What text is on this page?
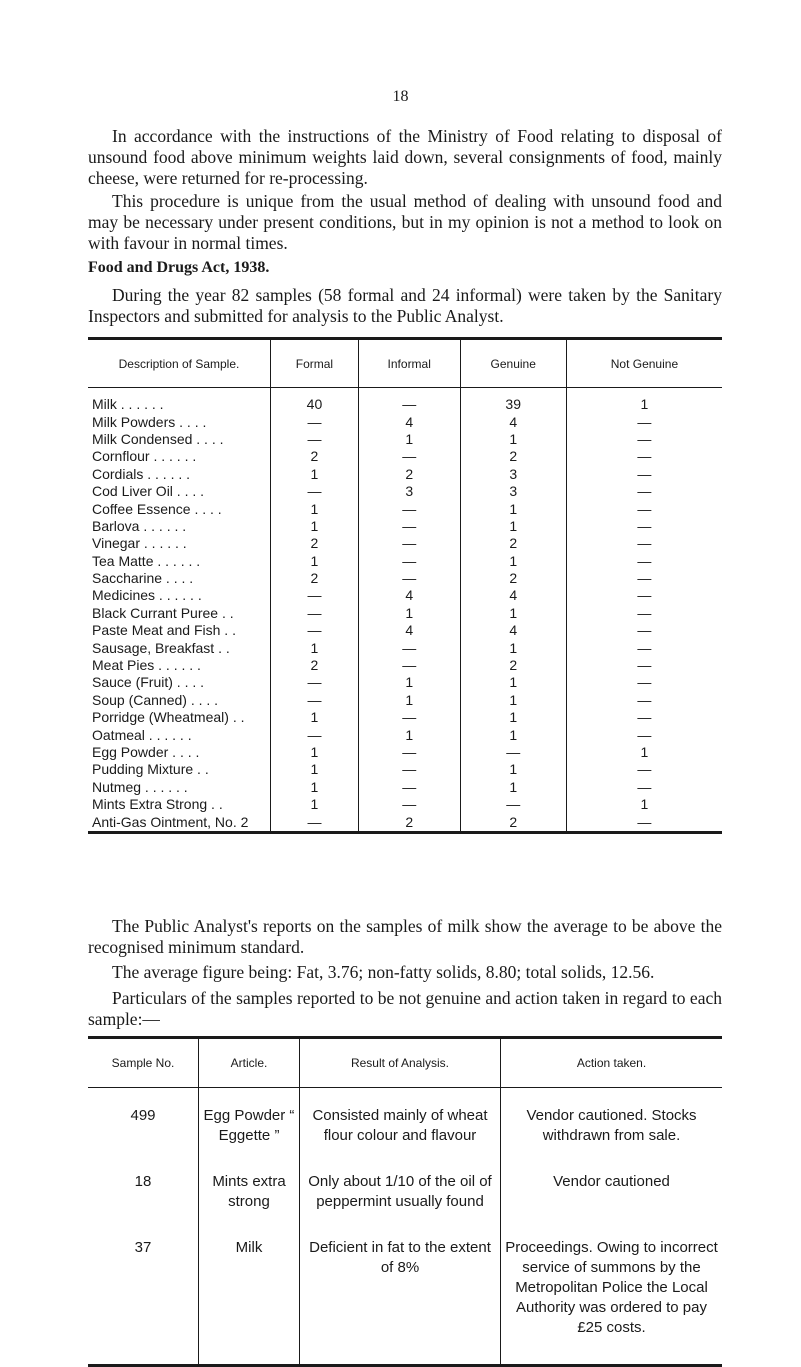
18

In accordance with the instructions of the Ministry of Food relating to disposal of unsound food above minimum weights laid down, several consignments of food, mainly cheese, were returned for re-processing.

This procedure is unique from the usual method of dealing with unsound food and may be necessary under present conditions, but in my opinion is not a method to look on with favour in normal times.

Food and Drugs Act, 1938.

During the year 82 samples (58 formal and 24 informal) were taken by the Sanitary Inspectors and submitted for analysis to the Public Analyst.

Description of Sample.	Formal	Informal	Genuine	Not Genuine
Milk . . . . . .	40	—	39	1
Milk Powders . . . .	—	4	4	—
Milk Condensed . . . .	—	1	1	—
Cornflour . . . . . .	2	—	2	—
Cordials . . . . . .	1	2	3	—
Cod Liver Oil . . . .	—	3	3	—
Coffee Essence . . . .	1	—	1	—
Barlova . . . . . .	1	—	1	—
Vinegar . . . . . .	2	—	2	—
Tea Matte . . . . . .	1	—	1	—
Saccharine . . . .	2	—	2	—
Medicines . . . . . .	—	4	4	—
Black Currant Puree . .	—	1	1	—
Paste Meat and Fish . .	—	4	4	—
Sausage, Breakfast . .	1	—	1	—
Meat Pies . . . . . .	2	—	2	—
Sauce (Fruit) . . . .	—	1	1	—
Soup (Canned) . . . .	—	1	1	—
Porridge (Wheatmeal) . .	1	—	1	—
Oatmeal . . . . . .	—	1	1	—
Egg Powder . . . .	1	—	—	1
Pudding Mixture . .	1	—	1	—
Nutmeg . . . . . .	1	—	1	—
Mints Extra Strong . .	1	—	—	1
Anti-Gas Ointment, No. 2	—	2	2	—

The Public Analyst's reports on the samples of milk show the average to be above the recognised minimum standard.

The average figure being: Fat, 3.76; non-fatty solids, 8.80; total solids, 12.56.

Particulars of the samples reported to be not genuine and action taken in regard to each sample:—

Sample No.	Article.	Result of Analysis.	Action taken.
499	Egg Powder “ Eggette ”	Consisted mainly of wheat flour colour and flavour	Vendor cautioned. Stocks withdrawn from sale.
18	Mints extra strong	Only about 1/10 of the oil of peppermint usually found	Vendor cautioned
37	Milk	Deficient in fat to the extent of 8%	Proceedings. Owing to incorrect service of summons by the Metropolitan Police the Local Authority was ordered to pay £25 costs.
